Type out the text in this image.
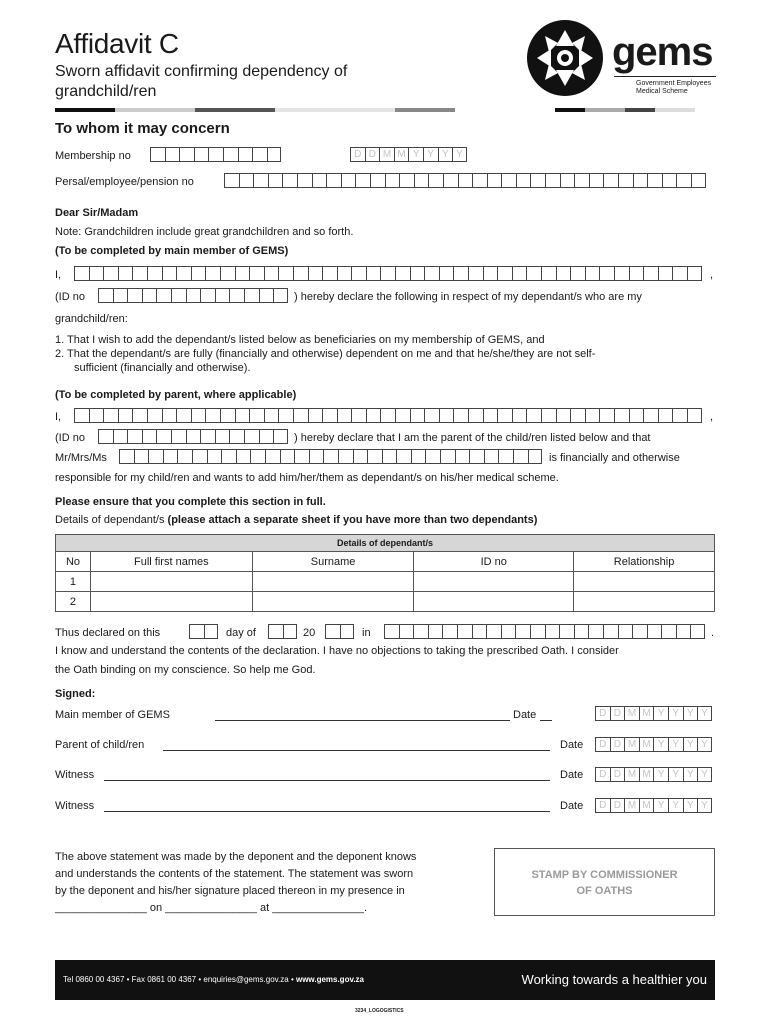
Affidavit C
Sworn affidavit confirming dependency of
grandchild/ren
gems
Government Employees
Medical Scheme
To whom it may concern
Membership no	D D M M Y Y Y Y
Persal/employee/pension no
Dear Sir/Madam
Note: Grandchildren include great grandchildren and so forth.
(To be completed by main member of GEMS)
I,	,
(ID no	) hereby declare the following in respect of my dependant/s who are my
grandchild/ren:
1. That I wish to add the dependant/s listed below as beneficiaries on my membership of GEMS, and
2. That the dependant/s are fully (financially and otherwise) dependent on me and that he/she/they are not self-
sufficient (financially and otherwise).
(To be completed by parent, where applicable)
I,	,
(ID no	) hereby declare that I am the parent of the child/ren listed below and that
Mr/Mrs/Ms	is financially and otherwise
responsible for my child/ren and wants to add him/her/them as dependant/s on his/her medical scheme.
Please ensure that you complete this section in full.
Details of dependant/s (please attach a separate sheet if you have more than two dependants)
Details of dependant/s				
No	Full first names	Surname	ID no	Relationship
1				
2				
Thus declared on this	day of	20	in	.
I know and understand the contents of the declaration. I have no objections to taking the prescribed Oath. I consider
the Oath binding on my conscience. So help me God.
Signed:
Main member of GEMS	Date	D D M M Y Y Y Y
Parent of child/ren	Date	D D M M Y Y Y Y
Witness	Date	D D M M Y Y Y Y
Witness	Date	D D M M Y Y Y Y
The above statement was made by the deponent and the deponent knows
and understands the contents of the statement. The statement was sworn
by the deponent and his/her signature placed thereon in my presence in
_______________ on _______________ at _______________.
STAMP BY COMMISSIONER
OF OATHS
Tel 0860 00 4367 • Fax 0861 00 4367 • enquiries@gems.gov.za • www.gems.gov.za	Working towards a healthier you
3234_LOGOGISTICS
